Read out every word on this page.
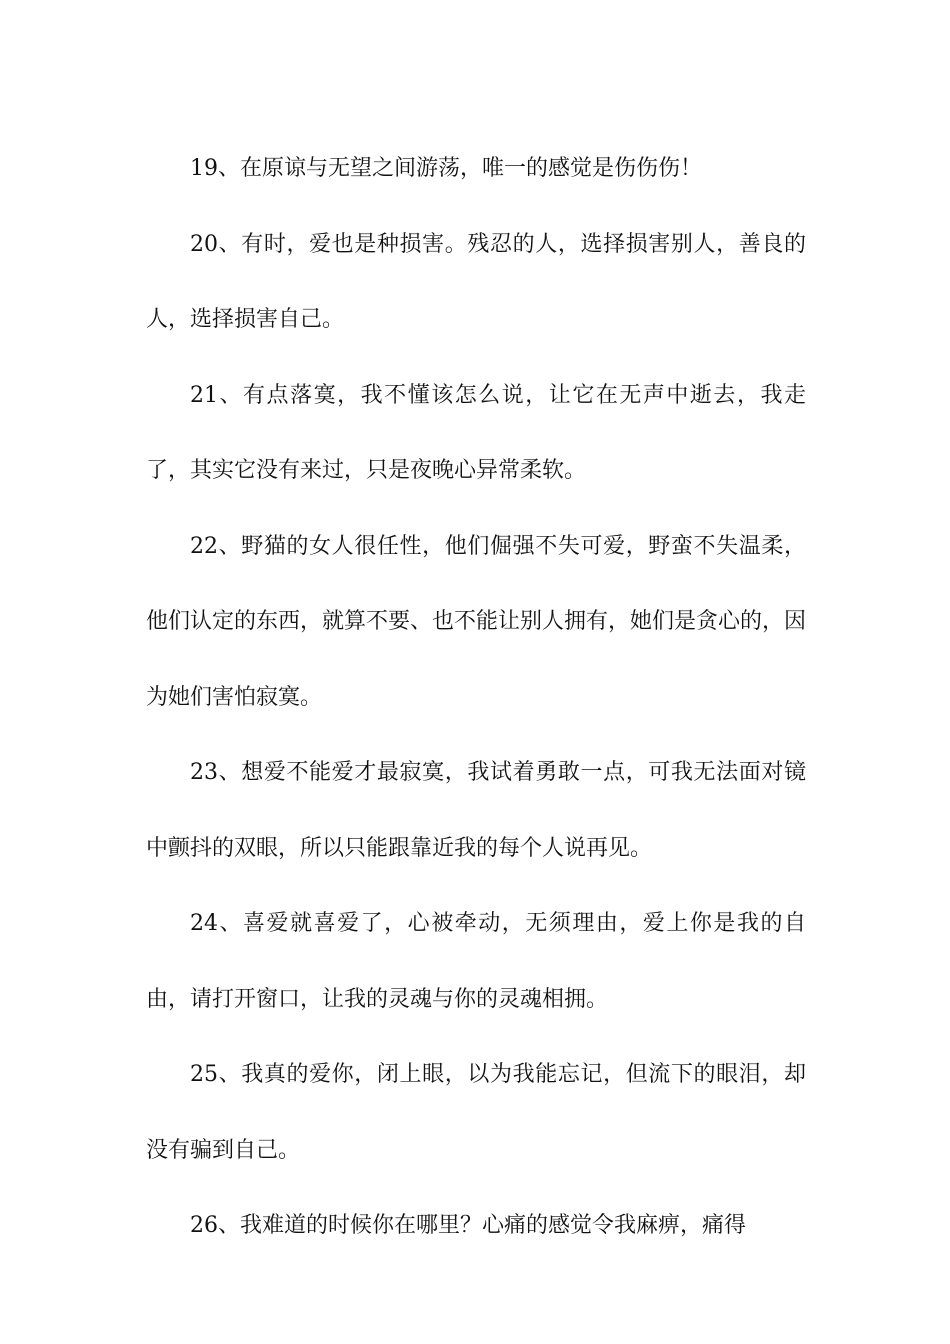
19、在原谅与无望之间游荡，唯一的感觉是伤伤伤！

20、有时，爱也是种损害。残忍的人，选择损害别人，善良的人，选择损害自己。

21、有点落寞，我不懂该怎么说，让它在无声中逝去，我走了，其实它没有来过，只是夜晚心异常柔软。

22、野猫的女人很任性，他们倔强不失可爱，野蛮不失温柔，他们认定的东西，就算不要、也不能让别人拥有，她们是贪心的，因为她们害怕寂寞。

23、想爱不能爱才最寂寞，我试着勇敢一点，可我无法面对镜中颤抖的双眼，所以只能跟靠近我的每个人说再见。

24、喜爱就喜爱了，心被牵动，无须理由，爱上你是我的自由，请打开窗口，让我的灵魂与你的灵魂相拥。

25、我真的爱你，闭上眼，以为我能忘记，但流下的眼泪，却没有骗到自己。

26、我难道的时候你在哪里？心痛的感觉令我麻痹，痛得
